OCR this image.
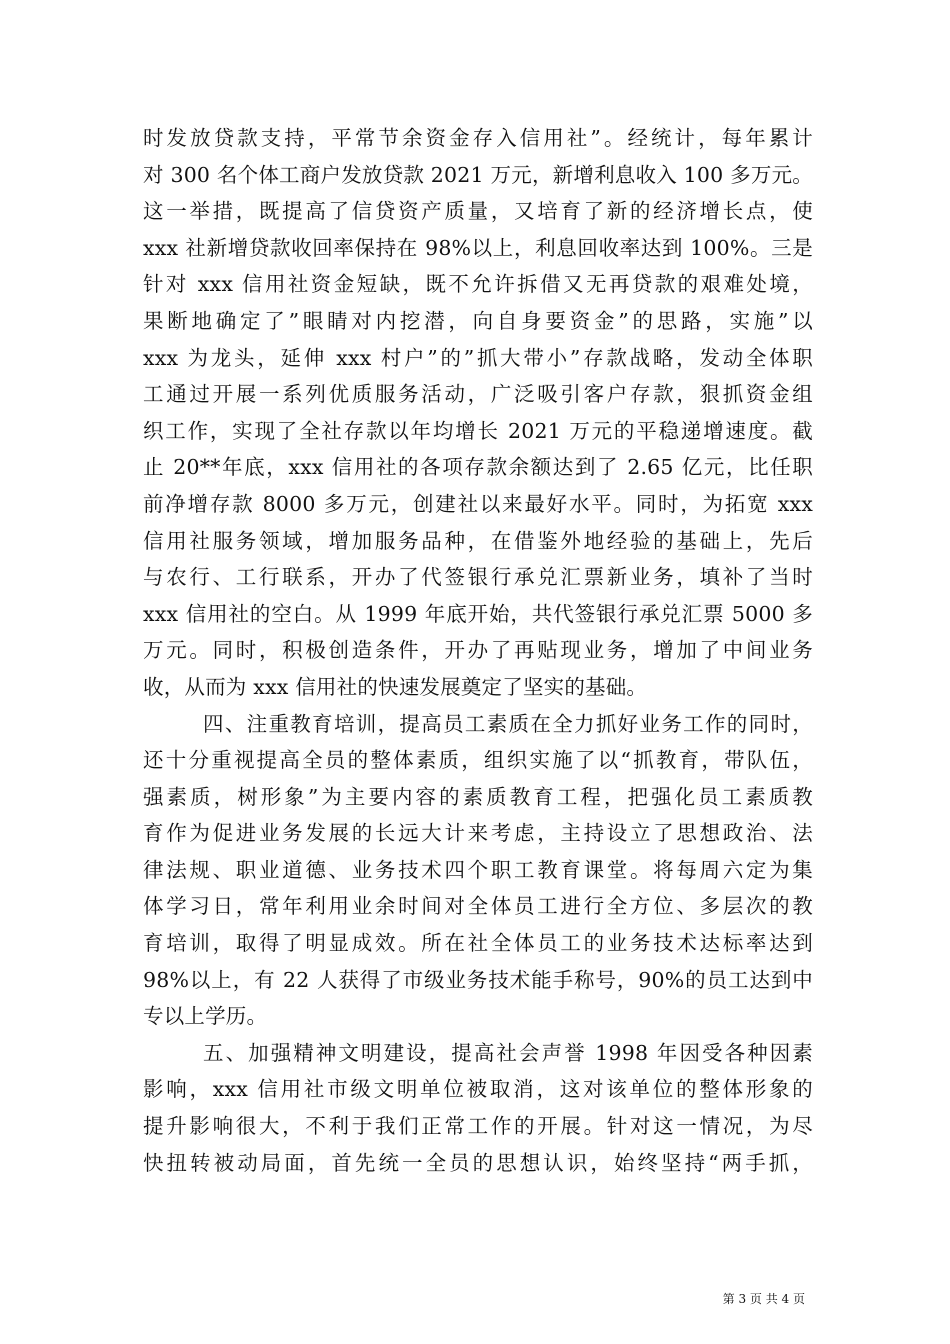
时发放贷款支持，平常节余资金存入信用社”。经统计，每年累计
对 300 名个体工商户发放贷款 2021 万元，新增利息收入 100 多万元。
这一举措，既提高了信贷资产质量，又培育了新的经济增长点，使
xxx 社新增贷款收回率保持在 98%以上，利息回收率达到 100%。三是
针对 xxx 信用社资金短缺，既不允许拆借又无再贷款的艰难处境，
果断地确定了”眼睛对内挖潜，向自身要资金”的思路，实施”以
xxx 为龙头，延伸 xxx 村户”的”抓大带小”存款战略，发动全体职
工通过开展一系列优质服务活动，广泛吸引客户存款，狠抓资金组
织工作，实现了全社存款以年均增长 2021 万元的平稳递增速度。截
止 20**年底，xxx 信用社的各项存款余额达到了 2.65 亿元，比任职
前净增存款 8000 多万元，创建社以来最好水平。同时，为拓宽 xxx
信用社服务领域，增加服务品种，在借鉴外地经验的基础上，先后
与农行、工行联系，开办了代签银行承兑汇票新业务，填补了当时
xxx 信用社的空白。从 1999 年底开始，共代签银行承兑汇票 5000 多
万元。同时，积极创造条件，开办了再贴现业务，增加了中间业务
收，从而为 xxx 信用社的快速发展奠定了坚实的基础。
四、注重教育培训，提高员工素质在全力抓好业务工作的同时，
还十分重视提高全员的整体素质，组织实施了以“抓教育，带队伍，
强素质，树形象”为主要内容的素质教育工程，把强化员工素质教
育作为促进业务发展的长远大计来考虑，主持设立了思想政治、法
律法规、职业道德、业务技术四个职工教育课堂。将每周六定为集
体学习日，常年利用业余时间对全体员工进行全方位、多层次的教
育培训，取得了明显成效。所在社全体员工的业务技术达标率达到
98%以上，有 22 人获得了市级业务技术能手称号，90%的员工达到中
专以上学历。
五、加强精神文明建设，提高社会声誉 1998 年因受各种因素
影响，xxx 信用社市级文明单位被取消，这对该单位的整体形象的
提升影响很大，不利于我们正常工作的开展。针对这一情况，为尽
快扭转被动局面，首先统一全员的思想认识，始终坚持“两手抓，
第 3 页 共 4 页
